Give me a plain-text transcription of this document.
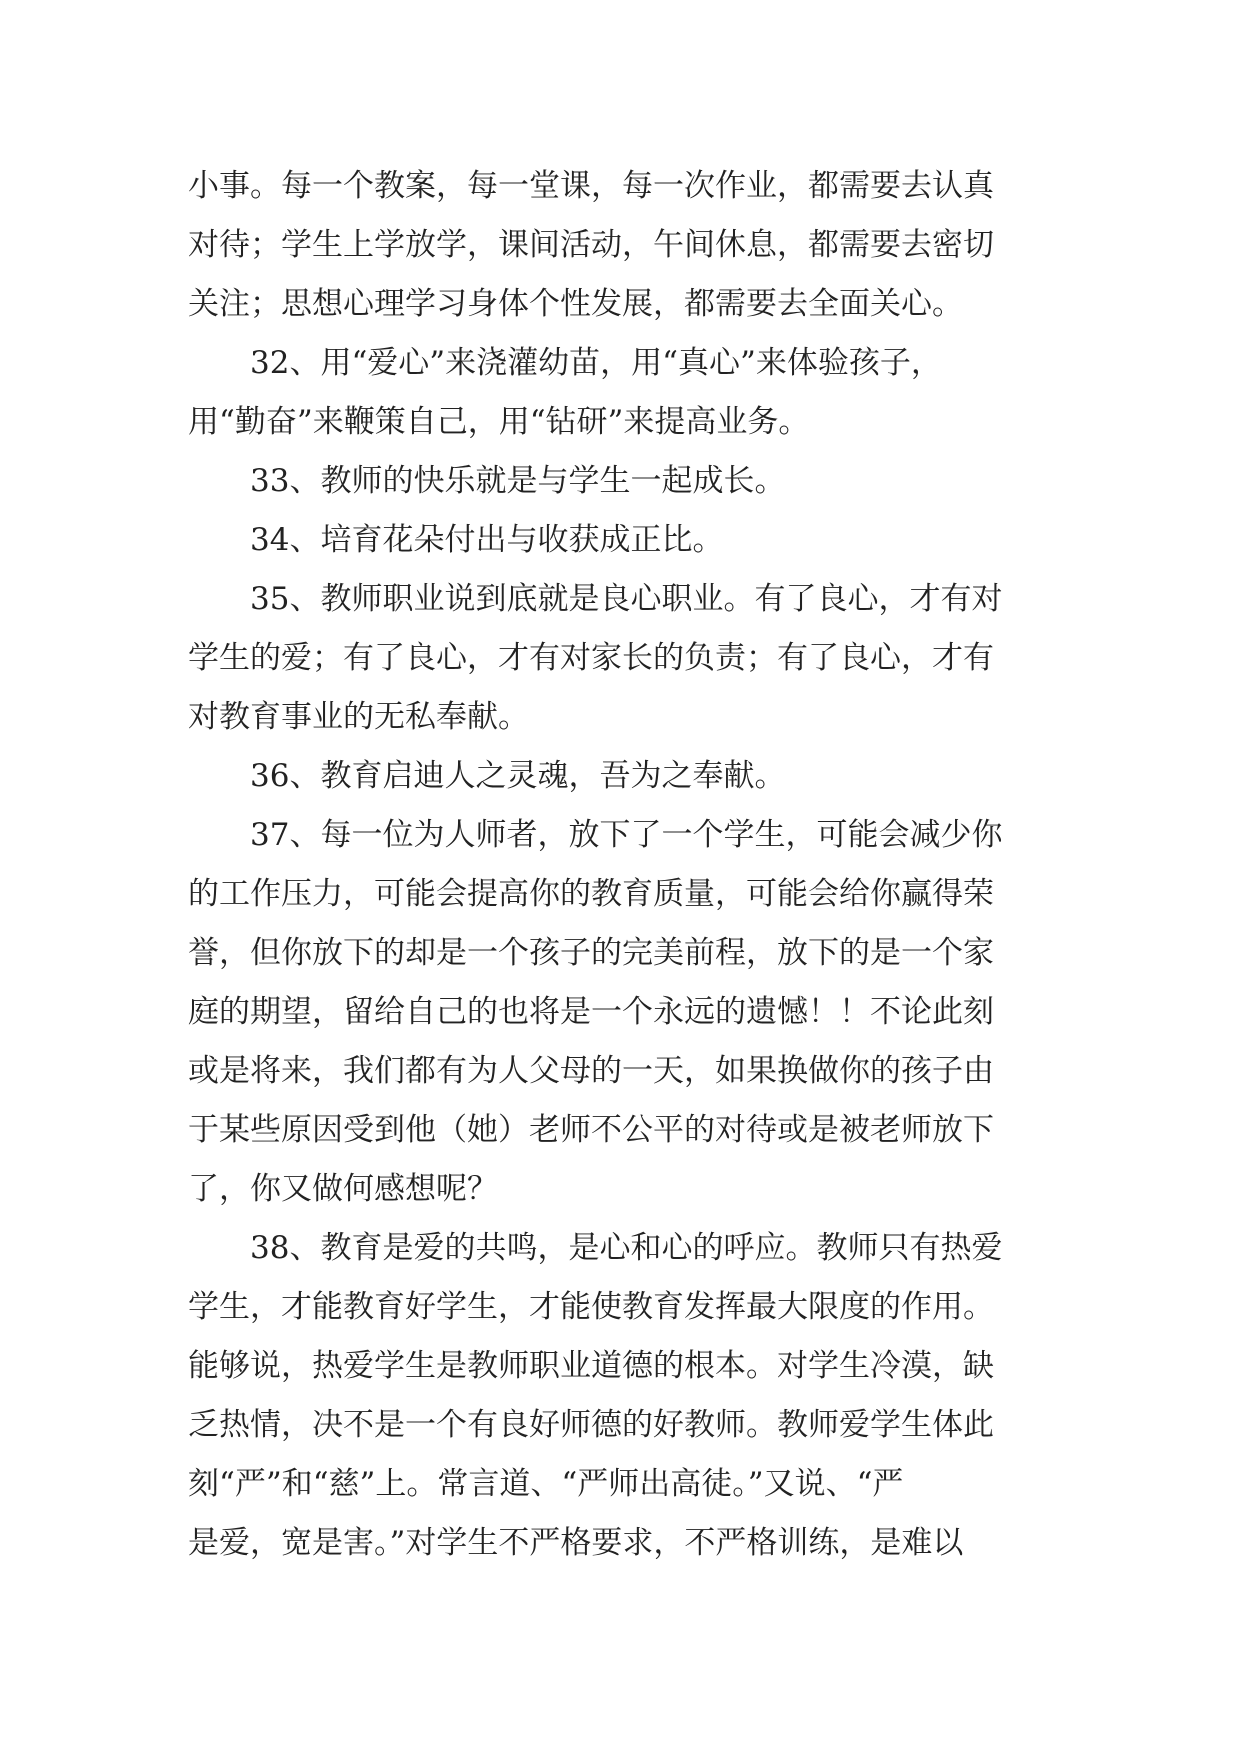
小事。每一个教案，每一堂课，每一次作业，都需要去认真
对待；学生上学放学，课间活动，午间休息，都需要去密切
关注；思想心理学习身体个性发展，都需要去全面关心。
32、用“爱心”来浇灌幼苗，用“真心”来体验孩子，
用“勤奋”来鞭策自己，用“钻研”来提高业务。
33、教师的快乐就是与学生一起成长。
34、培育花朵付出与收获成正比。
35、教师职业说到底就是良心职业。有了良心，才有对
学生的爱；有了良心，才有对家长的负责；有了良心，才有
对教育事业的无私奉献。
36、教育启迪人之灵魂，吾为之奉献。
37、每一位为人师者，放下了一个学生，可能会减少你
的工作压力，可能会提高你的教育质量，可能会给你赢得荣
誉，但你放下的却是一个孩子的完美前程，放下的是一个家
庭的期望，留给自己的也将是一个永远的遗憾！！不论此刻
或是将来，我们都有为人父母的一天，如果换做你的孩子由
于某些原因受到他（她）老师不公平的对待或是被老师放下
了，你又做何感想呢？
38、教育是爱的共鸣，是心和心的呼应。教师只有热爱
学生，才能教育好学生，才能使教育发挥最大限度的作用。
能够说，热爱学生是教师职业道德的根本。对学生冷漠，缺
乏热情，决不是一个有良好师德的好教师。教师爱学生体此
刻“严”和“慈”上。常言道、“严师出高徒。”又说、“严
是爱，宽是害。”对学生不严格要求，不严格训练，是难以
